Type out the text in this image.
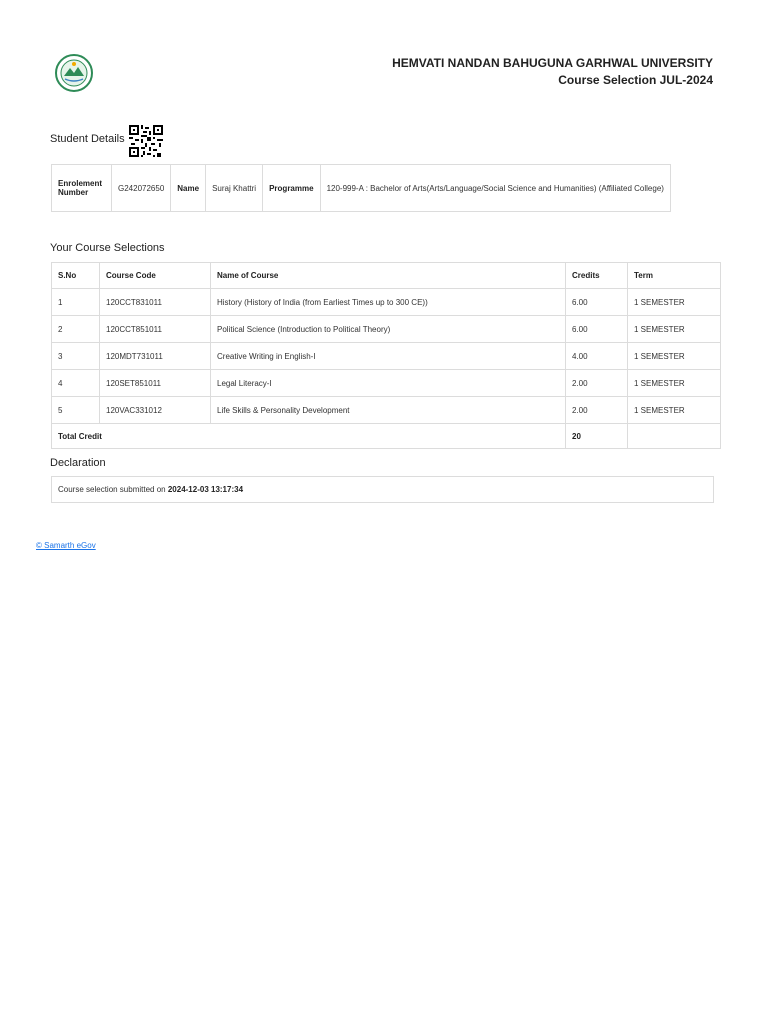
HEMVATI NANDAN BAHUGUNA GARHWAL UNIVERSITY
Course Selection JUL-2024
Student Details
Enrolement Number	G242072650	Name	Suraj Khattri	Programme	120-999-A : Bachelor of Arts(Arts/Language/Social Science and Humanities) (Affiliated College)
Your Course Selections
S.No	Course Code	Name of Course	Credits	Term
1	120CCT831011	History (History of India (from Earliest Times up to 300 CE))	6.00	1 SEMESTER
2	120CCT851011	Political Science (Introduction to Political Theory)	6.00	1 SEMESTER
3	120MDT731011	Creative Writing in English-I	4.00	1 SEMESTER
4	120SET851011	Legal Literacy-I	2.00	1 SEMESTER
5	120VAC331012	Life Skills & Personality Development	2.00	1 SEMESTER
Total Credit			20	
Declaration
Course selection submitted on 2024-12-03 13:17:34
© Samarth eGov
